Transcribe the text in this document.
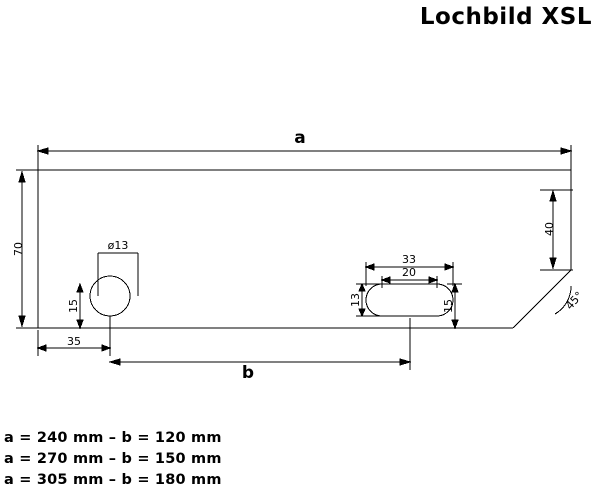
Lochbild XSL
a
b
70
40
ø13
33
20
13
15	15
35
45°
a = 240 mm – b = 120 mm
a = 270 mm – b = 150 mm
a = 305 mm – b = 180 mm
